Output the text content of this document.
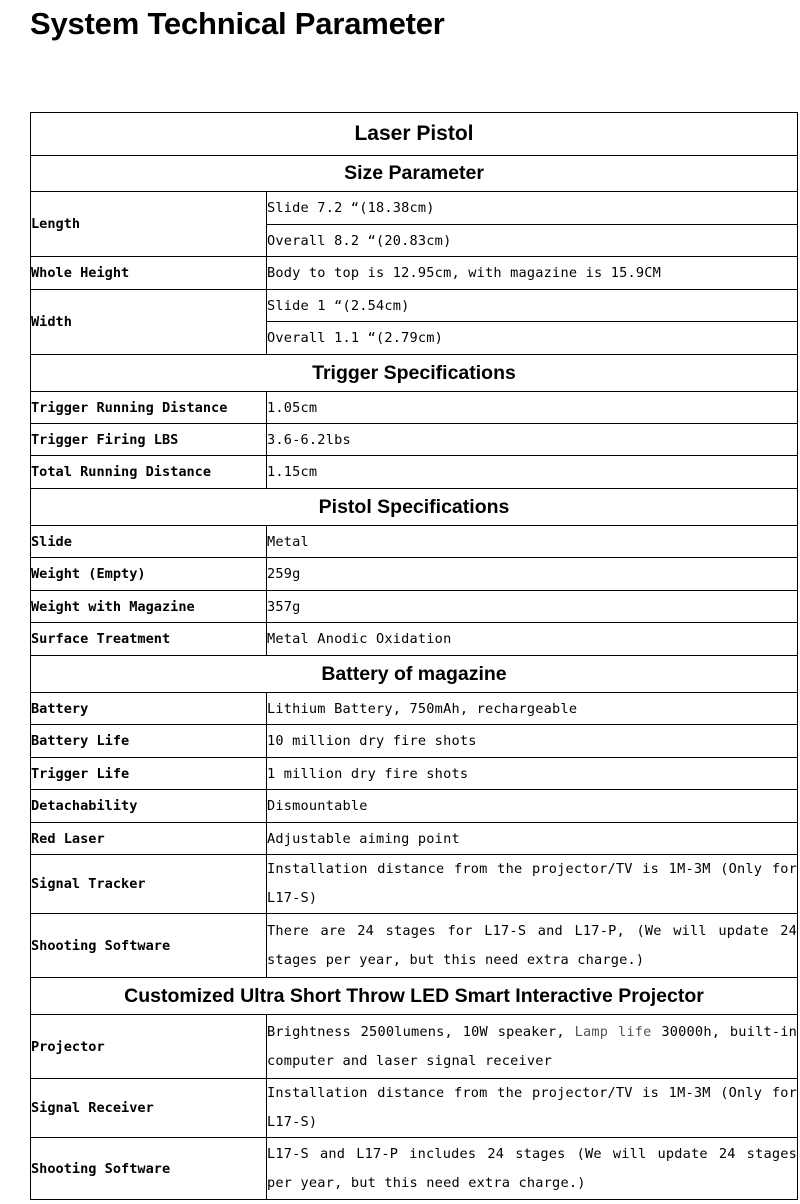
System Technical Parameter
Laser Pistol	
Size Parameter	
Length	Slide 7.2 “(18.38cm)
	Overall 8.2 “(20.83cm)
Whole Height	Body to top is 12.95cm, with magazine is 15.9CM
Width	Slide 1 “(2.54cm)
	Overall 1.1 “(2.79cm)
Trigger Specifications	
Trigger Running Distance	1.05cm
Trigger Firing LBS	3.6-6.2lbs
Total Running Distance	1.15cm
Pistol Specifications	
Slide	Metal
Weight (Empty)	259g
Weight with Magazine	357g
Surface Treatment	Metal Anodic Oxidation
Battery of magazine	
Battery	Lithium Battery, 750mAh, rechargeable
Battery Life	10 million dry fire shots
Trigger Life	1 million dry fire shots
Detachability	Dismountable
Red Laser	Adjustable aiming point
Signal Tracker	Installation distance from the projector/TV is 1M-3M (Only for L17-S)
Shooting Software	There are 24 stages for L17-S and L17-P, (We will update 24 stages per year, but this need extra charge.)
Customized Ultra Short Throw LED Smart Interactive Projector	
Projector	Brightness 2500lumens, 10W speaker, Lamp life 30000h, built-in computer and laser signal receiver
Signal Receiver	Installation distance from the projector/TV is 1M-3M (Only for L17-S)
Shooting Software	L17-S and L17-P includes 24 stages (We will update 24 stages per year, but this need extra charge.)
